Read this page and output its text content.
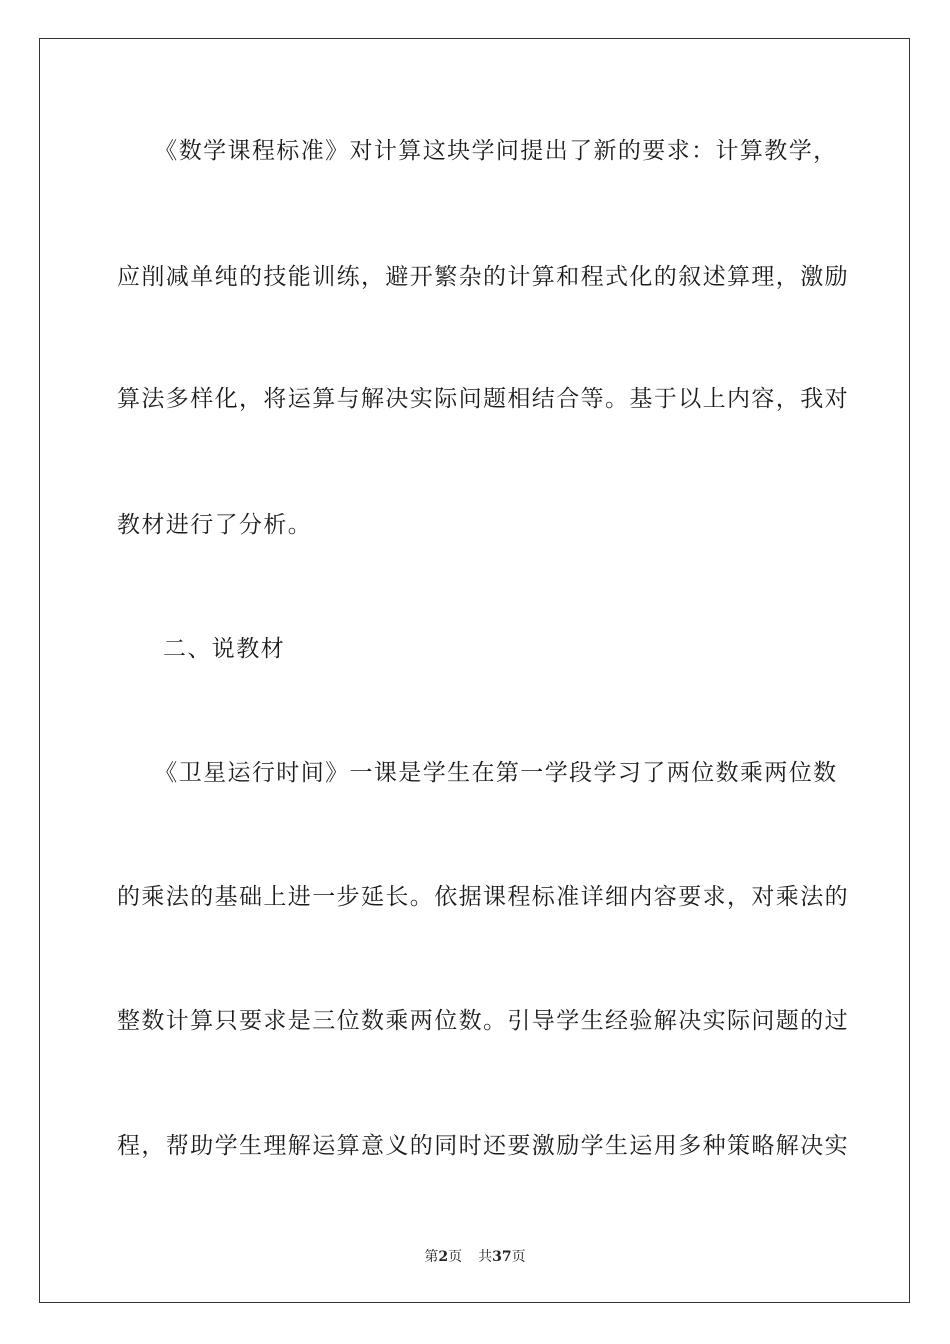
　　《数学课程标准》对计算这块学问提出了新的要求：计算教学，
应削减单纯的技能训练，避开繁杂的计算和程式化的叙述算理，激励
算法多样化，将运算与解决实际问题相结合等。基于以上内容，我对
教材进行了分析。
二、说教材
　　《卫星运行时间》一课是学生在第一学段学习了两位数乘两位数
的乘法的基础上进一步延长。依据课程标准详细内容要求，对乘法的
整数计算只要求是三位数乘两位数。引导学生经验解决实际问题的过
程，帮助学生理解运算意义的同时还要激励学生运用多种策略解决实
第2页 共37页
